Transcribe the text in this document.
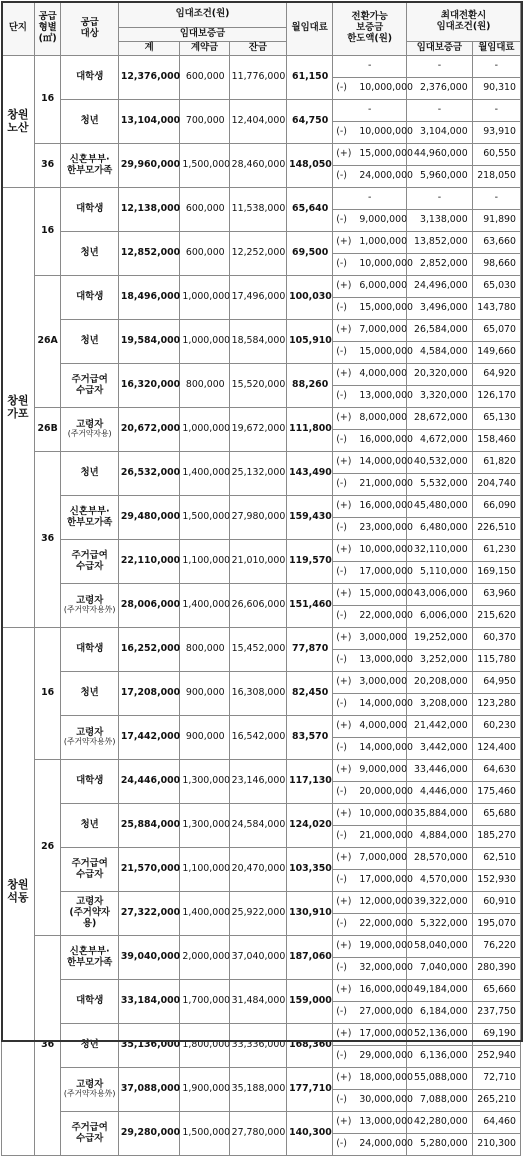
단지	공급
형별
(㎡)	공급
대상	임대조건(원)			월임대료	전환가능
보증금
한도액(원)		최대전환시
임대조건(원)	
			임대보증금							
			계	계약금	잔금				임대보증금	월임대료
창원
노산	16	대학생	12,376,000	600,000	11,776,000	61,150	-		-	-
							(-)	10,000,000	2,376,000	90,310
		청년	13,104,000	700,000	12,404,000	64,750	-		-	-
							(-)	10,000,000	3,104,000	93,910
	36	신혼부부·
한부모가족	29,960,000	1,500,000	28,460,000	148,050	(+)	15,000,000	44,960,000	60,550
							(-)	24,000,000	5,960,000	218,050
창원
가포	16	대학생	12,138,000	600,000	11,538,000	65,640	-		-	-
							(-)	9,000,000	3,138,000	91,890
		청년	12,852,000	600,000	12,252,000	69,500	(+)	1,000,000	13,852,000	63,660
							(-)	10,000,000	2,852,000	98,660
	26A	대학생	18,496,000	1,000,000	17,496,000	100,030	(+)	6,000,000	24,496,000	65,030
							(-)	15,000,000	3,496,000	143,780
		청년	19,584,000	1,000,000	18,584,000	105,910	(+)	7,000,000	26,584,000	65,070
							(-)	15,000,000	4,584,000	149,660
		주거급여
수급자	16,320,000	800,000	15,520,000	88,260	(+)	4,000,000	20,320,000	64,920
							(-)	13,000,000	3,320,000	126,170
	26B	고령자
(주거약자용)	20,672,000	1,000,000	19,672,000	111,800	(+)	8,000,000	28,672,000	65,130
							(-)	16,000,000	4,672,000	158,460
	36	청년	26,532,000	1,400,000	25,132,000	143,490	(+)	14,000,000	40,532,000	61,820
							(-)	21,000,000	5,532,000	204,740
		신혼부부·
한부모가족	29,480,000	1,500,000	27,980,000	159,430	(+)	16,000,000	45,480,000	66,090
							(-)	23,000,000	6,480,000	226,510
		주거급여
수급자	22,110,000	1,100,000	21,010,000	119,570	(+)	10,000,000	32,110,000	61,230
							(-)	17,000,000	5,110,000	169,150
		고령자
(주거약자용外)	28,006,000	1,400,000	26,606,000	151,460	(+)	15,000,000	43,006,000	63,960
							(-)	22,000,000	6,006,000	215,620
창원
석동	16	대학생	16,252,000	800,000	15,452,000	77,870	(+)	3,000,000	19,252,000	60,370
							(-)	13,000,000	3,252,000	115,780
		청년	17,208,000	900,000	16,308,000	82,450	(+)	3,000,000	20,208,000	64,950
							(-)	14,000,000	3,208,000	123,280
		고령자
(주거약자용外)	17,442,000	900,000	16,542,000	83,570	(+)	4,000,000	21,442,000	60,230
							(-)	14,000,000	3,442,000	124,400
	26	대학생	24,446,000	1,300,000	23,146,000	117,130	(+)	9,000,000	33,446,000	64,630
							(-)	20,000,000	4,446,000	175,460
		청년	25,884,000	1,300,000	24,584,000	124,020	(+)	10,000,000	35,884,000	65,680
							(-)	21,000,000	4,884,000	185,270
		주거급여
수급자	21,570,000	1,100,000	20,470,000	103,350	(+)	7,000,000	28,570,000	62,510
							(-)	17,000,000	4,570,000	152,930
		고령자
(주거약자용)	27,322,000	1,400,000	25,922,000	130,910	(+)	12,000,000	39,322,000	60,910
							(-)	22,000,000	5,322,000	195,070
	36	신혼부부·
한부모가족	39,040,000	2,000,000	37,040,000	187,060	(+)	19,000,000	58,040,000	76,220
							(-)	32,000,000	7,040,000	280,390
		대학생	33,184,000	1,700,000	31,484,000	159,000	(+)	16,000,000	49,184,000	65,660
							(-)	27,000,000	6,184,000	237,750
		청년	35,136,000	1,800,000	33,336,000	168,360	(+)	17,000,000	52,136,000	69,190
							(-)	29,000,000	6,136,000	252,940
		고령자
(주거약자용外)	37,088,000	1,900,000	35,188,000	177,710	(+)	18,000,000	55,088,000	72,710
							(-)	30,000,000	7,088,000	265,210
		주거급여
수급자	29,280,000	1,500,000	27,780,000	140,300	(+)	13,000,000	42,280,000	64,460
							(-)	24,000,000	5,280,000	210,300
